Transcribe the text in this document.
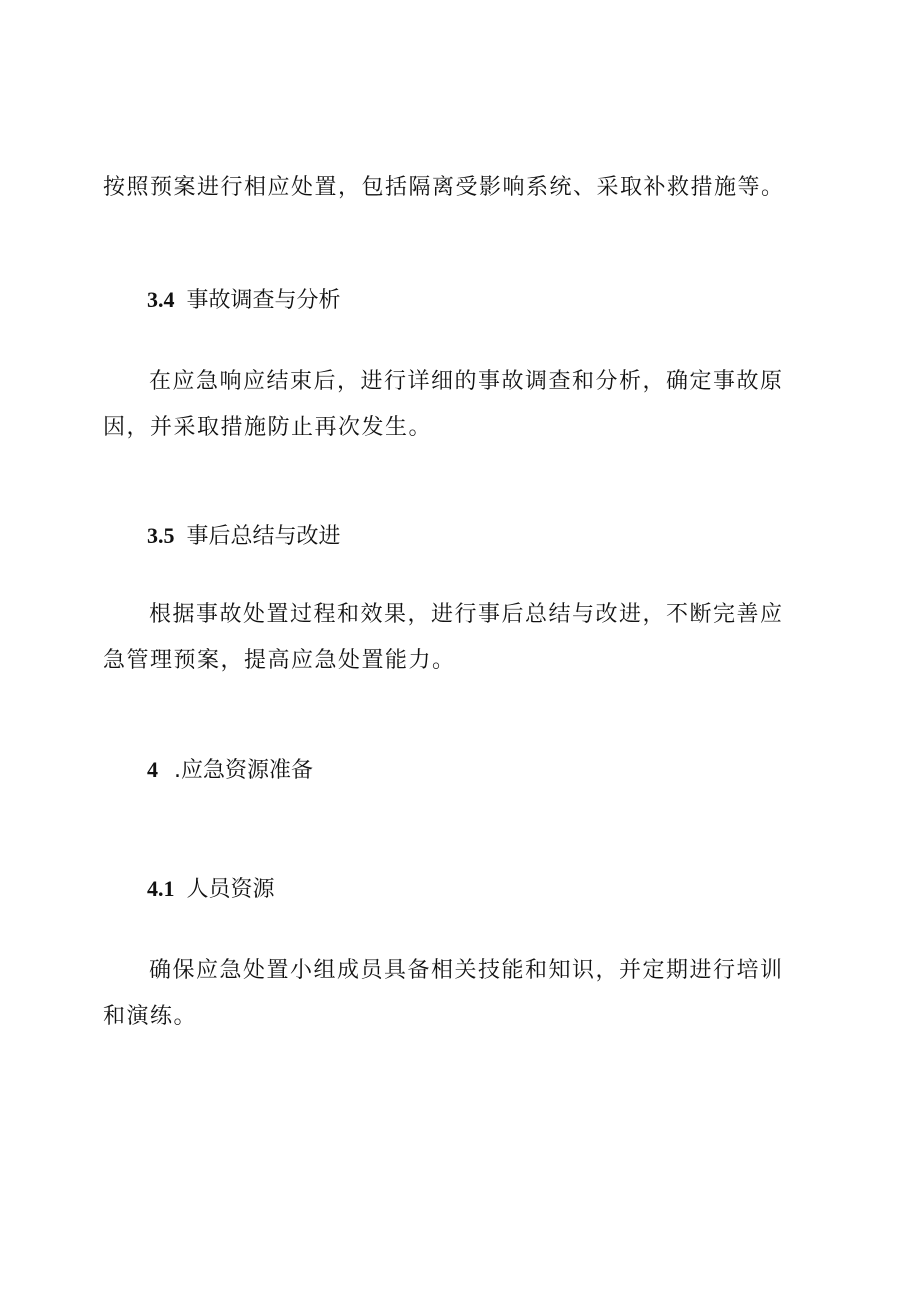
按照预案进行相应处置，包括隔离受影响系统、采取补救措施等。

3.4 事故调查与分析

在应急响应结束后，进行详细的事故调查和分析，确定事故原因，并采取措施防止再次发生。

3.5 事后总结与改进

根据事故处置过程和效果，进行事后总结与改进，不断完善应急管理预案，提高应急处置能力。

4 .应急资源准备
4.1 人员资源

确保应急处置小组成员具备相关技能和知识，并定期进行培训和演练。
